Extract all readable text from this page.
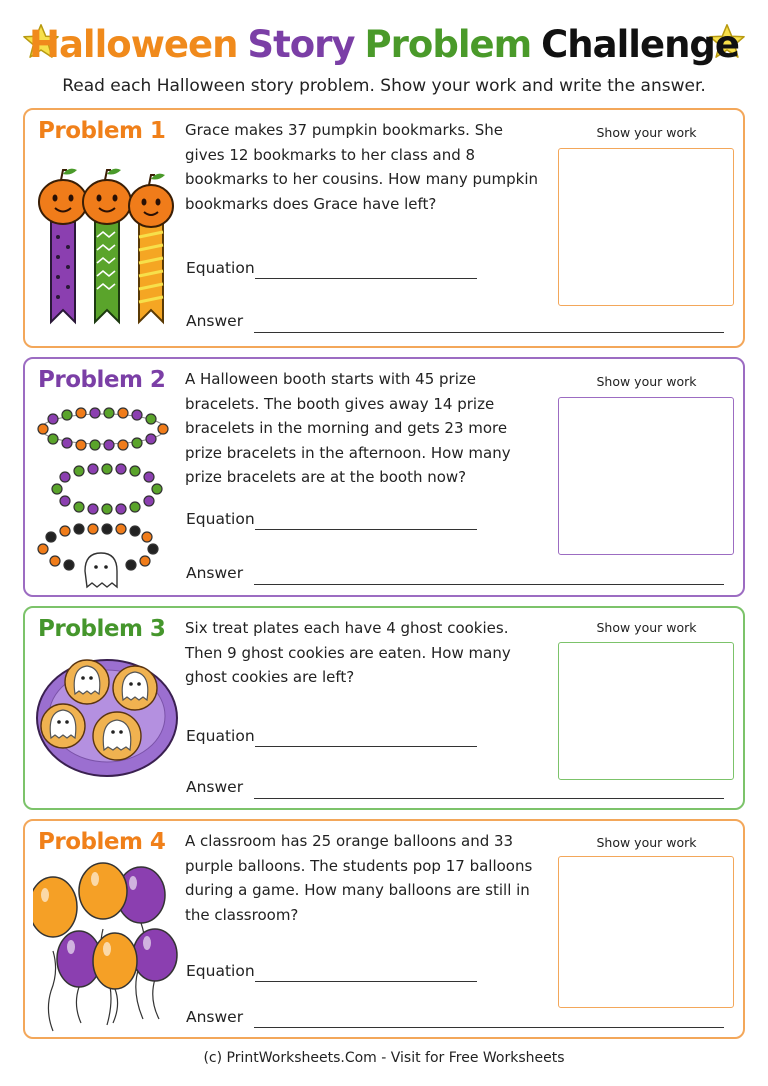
Halloween Story Problem Challenge
Read each Halloween story problem. Show your work and write the answer.
Problem 1 Grace makes 37 pumpkin bookmarks. She gives 12 bookmarks to her class and 8 bookmarks to her cousins. How many pumpkin bookmarks does Grace have left?
Equation
Answer
Show your work
Problem 2 A Halloween booth starts with 45 prize bracelets. The booth gives away 14 prize bracelets in the morning and gets 23 more prize bracelets in the afternoon. How many prize bracelets are at the booth now?
Equation
Answer
Show your work
Problem 3 Six treat plates each have 4 ghost cookies. Then 9 ghost cookies are eaten. How many ghost cookies are left?
Equation
Answer
Show your work
Problem 4 A classroom has 25 orange balloons and 33 purple balloons. The students pop 17 balloons during a game. How many balloons are still in the classroom?
Equation
Answer
Show your work
(c) PrintWorksheets.Com - Visit for Free Worksheets
